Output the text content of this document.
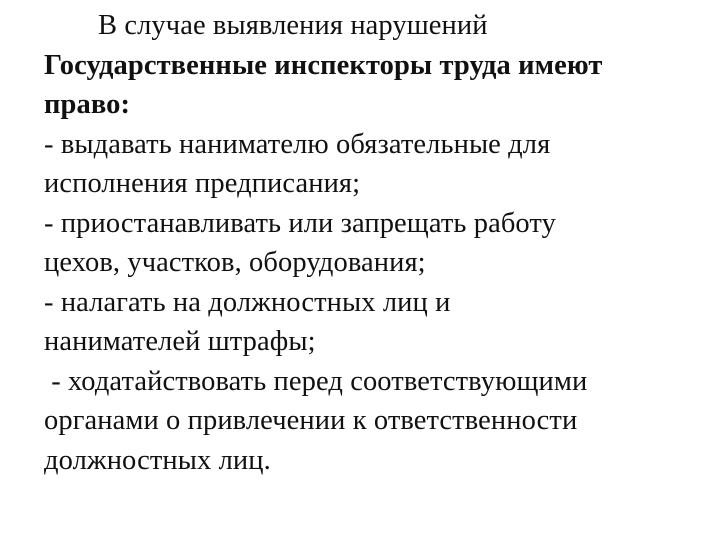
В случае выявления нарушений
Государственные инспекторы труда имеют
право:
- выдавать нанимателю обязательные для
исполнения предписания;
- приостанавливать или запрещать работу
цехов, участков, оборудования;
- налагать на должностных лиц и
нанимателей штрафы;
- ходатайствовать перед соответствующими
органами о привлечении к ответственности
должностных лиц.
